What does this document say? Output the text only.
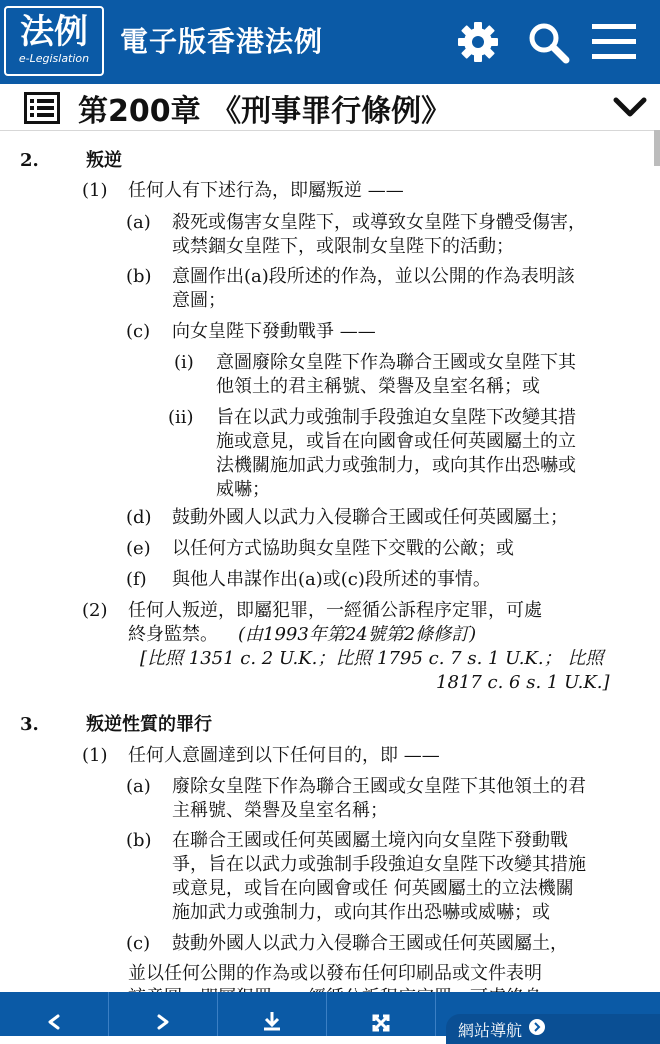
法例
e-Legislation
電子版香港法例
第200章 《刑事罪行條例》
2.	叛逆
(1) 任何人有下述行為，即屬叛逆 ——
(a) 殺死或傷害女皇陛下，或導致女皇陛下身體受傷害，
或禁錮女皇陛下，或限制女皇陛下的活動；
(b) 意圖作出(a)段所述的作為，並以公開的作為表明該
意圖；
(c) 向女皇陛下發動戰爭 ——
(i) 意圖廢除女皇陛下作為聯合王國或女皇陛下其
他領土的君主稱號、榮譽及皇室名稱；或
(ii) 旨在以武力或強制手段強迫女皇陛下改變其措
施或意見，或旨在向國會或任何英國屬土的立
法機關施加武力或強制力，或向其作出恐嚇或
威嚇；
(d) 鼓動外國人以武力入侵聯合王國或任何英國屬土；
(e) 以任何方式協助與女皇陛下交戰的公敵；或
(f) 與他人串謀作出(a)或(c)段所述的事情。
(2) 任何人叛逆，即屬犯罪，一經循公訴程序定罪，可處
終身監禁。 (由1993年第24號第2條修訂)
[比照 1351 c. 2 U.K.；比照 1795 c. 7 s. 1 U.K.； 比照
1817 c. 6 s. 1 U.K.]
3.	叛逆性質的罪行
(1) 任何人意圖達到以下任何目的，即 ——
(a) 廢除女皇陛下作為聯合王國或女皇陛下其他領土的君
主稱號、榮譽及皇室名稱；
(b) 在聯合王國或任何英國屬土境內向女皇陛下發動戰
爭，旨在以武力或強制手段強迫女皇陛下改變其措施
或意見，或旨在向國會或任 何英國屬土的立法機關
施加武力或強制力，或向其作出恐嚇或威嚇；或
(c) 鼓動外國人以武力入侵聯合王國或任何英國屬土，
並以任何公開的作為或以發布任何印刷品或文件表明
網站導航
